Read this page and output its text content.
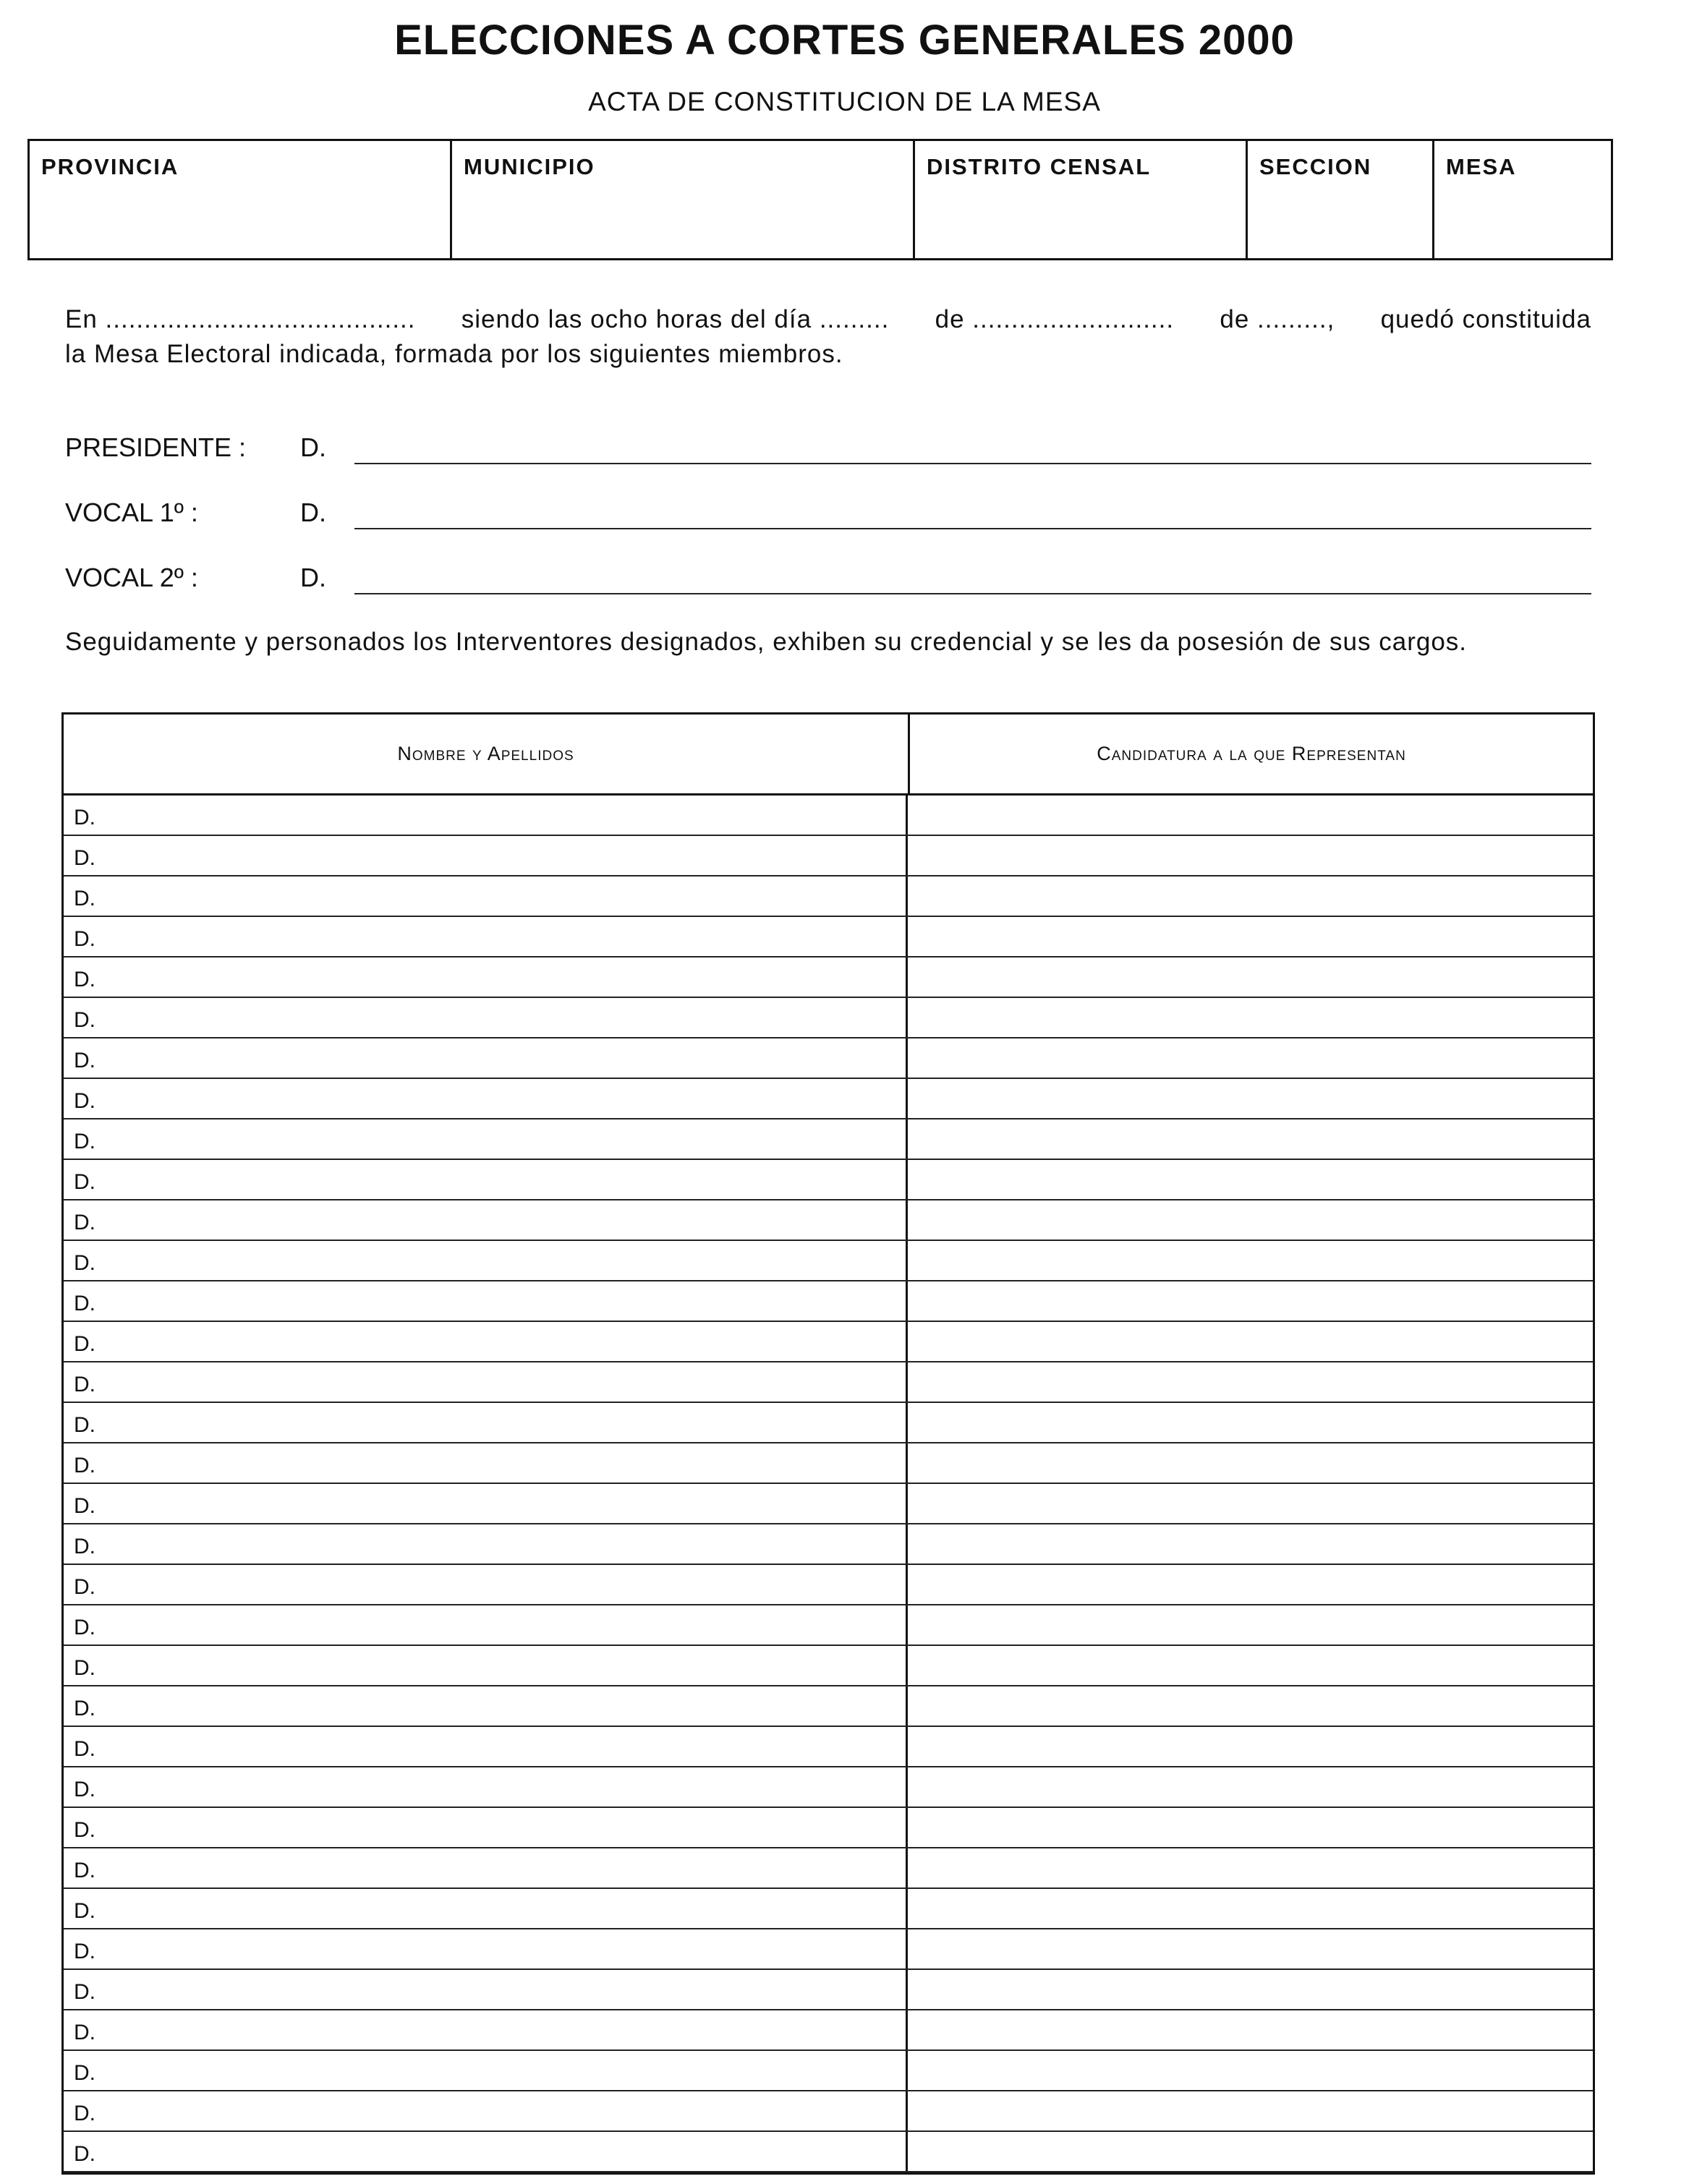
ELECCIONES A CORTES GENERALES 2000
ACTA DE CONSTITUCION DE LA MESA
PROVINCIA	MUNICIPIO	DISTRITO CENSAL	SECCION	MESA
En ........................................ siendo las ocho horas del día ......... de .......................... de ........., quedó constituida
la Mesa Electoral indicada, formada por los siguientes miembros.
PRESIDENTE : D.
VOCAL 1º :	D.
VOCAL 2º :	D.
Seguidamente y personados los Interventores designados, exhiben su credencial y se les da posesión de sus cargos.
Nombre y Apellidos	Candidatura a la que Representan
D.
D.
D.
D.
D.
D.
D.
D.
D.
D.
D.
D.
D.
D.
D.
D.
D.
D.
D.
D.
D.
D.
D.
D.
D.
D.
D.
D.
D.
D.
D.
D.
D.
D.
